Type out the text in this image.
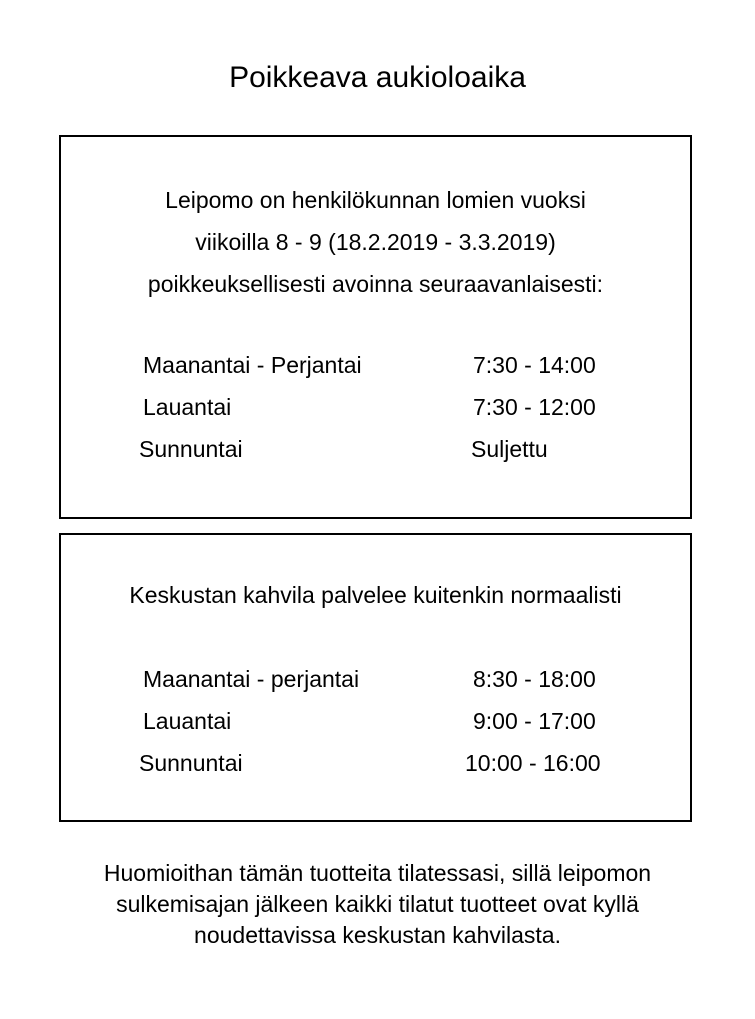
Poikkeava aukioloaika
Leipomo on henkilökunnan lomien vuoksi
viikoilla 8 - 9 (18.2.2019 - 3.3.2019)
poikkeuksellisesti avoinna seuraavanlaisesti:
Maanantai - Perjantai	7:30 - 14:00
Lauantai	7:30 - 12:00
Sunnuntai	Suljettu
Keskustan kahvila palvelee kuitenkin normaalisti
Maanantai - perjantai	8:30 - 18:00
Lauantai	9:00 - 17:00
Sunnuntai	10:00 - 16:00
Huomioithan tämän tuotteita tilatessasi, sillä leipomon
sulkemisajan jälkeen kaikki tilatut tuotteet ovat kyllä
noudettavissa keskustan kahvilasta.
